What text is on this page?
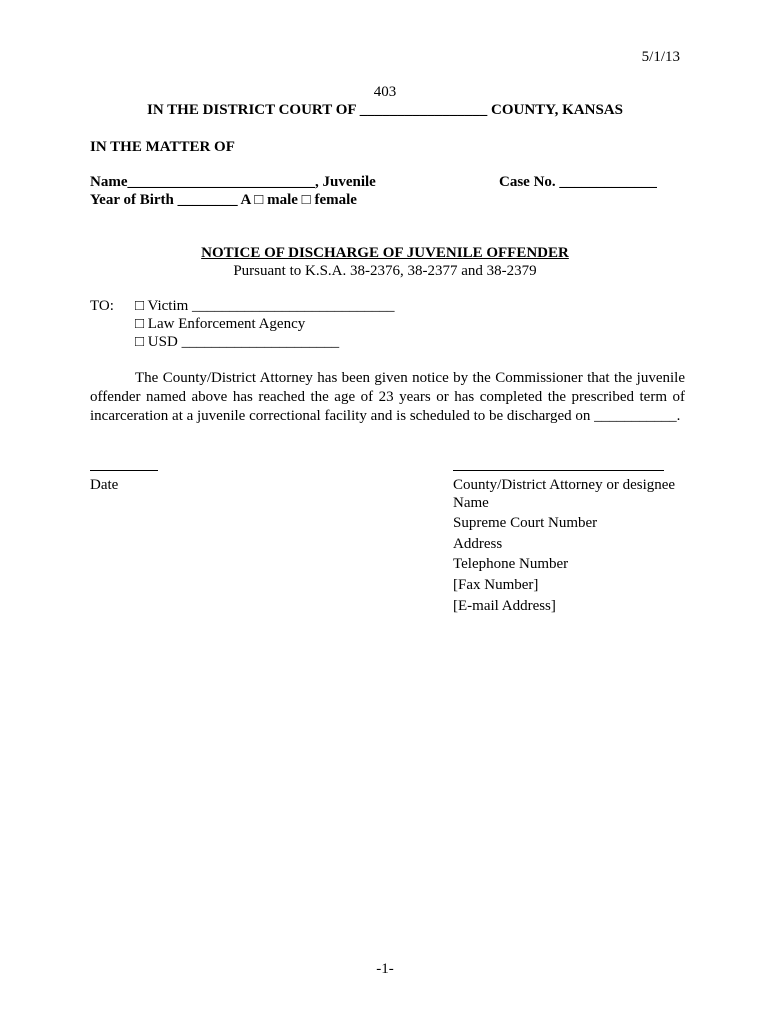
5/1/13
403
IN THE DISTRICT COURT OF _________________ COUNTY, KANSAS
IN THE MATTER OF
Name_________________________, Juvenile	Case No. _____________
Year of Birth ________ A □ male □ female
NOTICE OF DISCHARGE OF JUVENILE OFFENDER
Pursuant to K.S.A. 38-2376, 38-2377 and 38-2379
TO: □ Victim ___________________________
□ Law Enforcement Agency
□ USD _____________________
The County/District Attorney has been given notice by the Commissioner that the juvenile offender named above has reached the age of 23 years or has completed the prescribed term of incarceration at a juvenile correctional facility and is scheduled to be discharged on ___________.
Date	County/District Attorney or designee
Name
Supreme Court Number
Address
Telephone Number
[Fax Number]
[E-mail Address]
-1-
